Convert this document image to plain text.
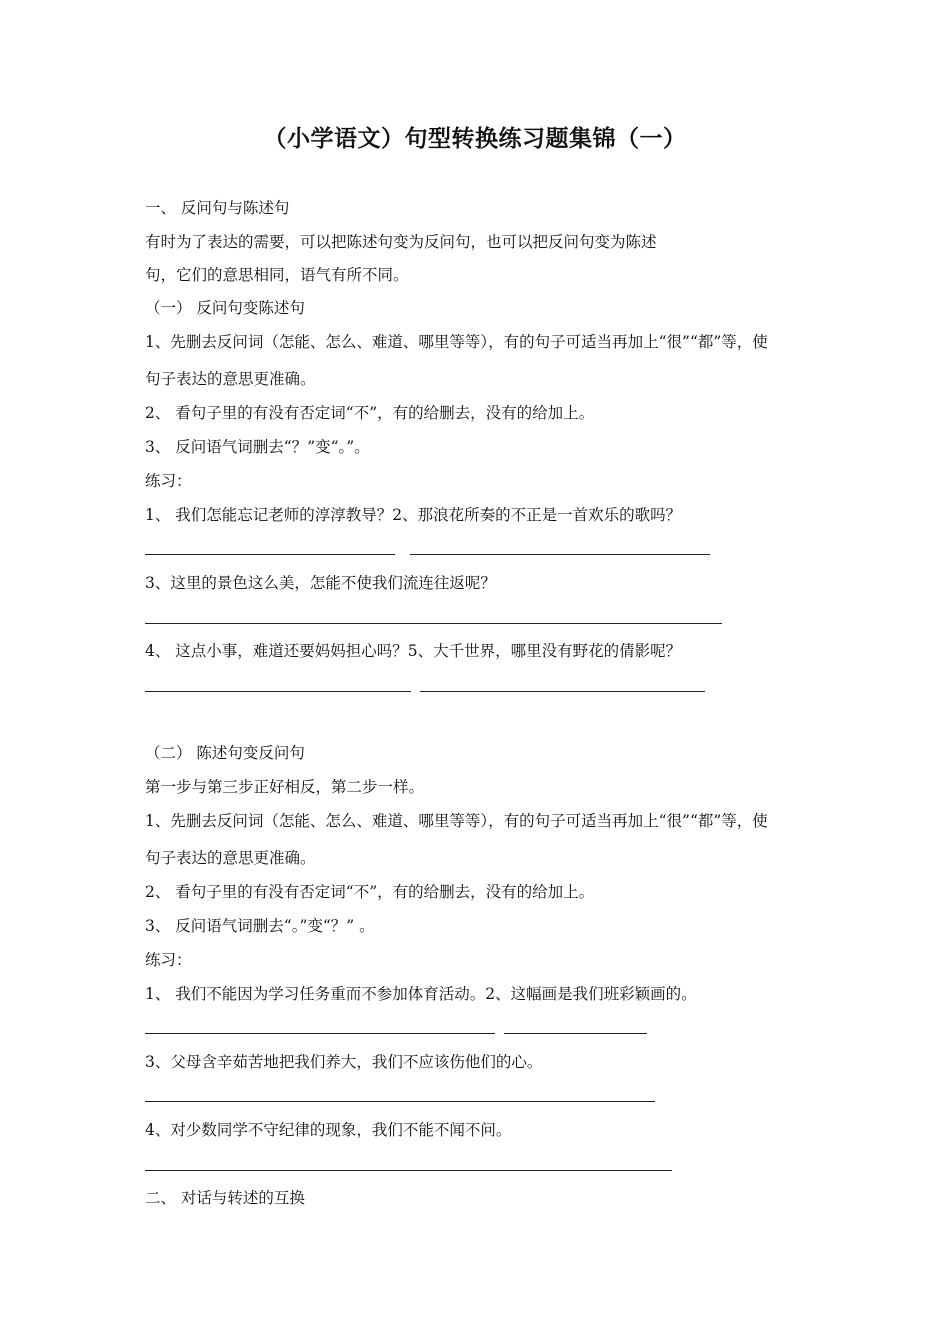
（小学语文）句型转换练习题集锦（一）
一、 反问句与陈述句
有时为了表达的需要，可以把陈述句变为反问句，也可以把反问句变为陈述
句，它们的意思相同，语气有所不同。
（一） 反问句变陈述句
1、先删去反问词（怎能、怎么、难道、哪里等等），有的句子可适当再加上“很”“都”等，使
句子表达的意思更准确。
2、 看句子里的有没有否定词“不”，有的给删去，没有的给加上。
3、 反问语气词删去“？”变“。”。
练习：
1、 我们怎能忘记老师的淳淳教导？2、那浪花所奏的不正是一首欢乐的歌吗？
3、这里的景色这么美，怎能不使我们流连往返呢？
4、 这点小事，难道还要妈妈担心吗？5、大千世界，哪里没有野花的倩影呢？
（二） 陈述句变反问句
第一步与第三步正好相反，第二步一样。
1、先删去反问词（怎能、怎么、难道、哪里等等），有的句子可适当再加上“很”“都”等，使
句子表达的意思更准确。
2、 看句子里的有没有否定词“不”，有的给删去，没有的给加上。
3、 反问语气词删去“。”变“？” 。
练习：
1、 我们不能因为学习任务重而不参加体育活动。2、这幅画是我们班彩颖画的。
3、父母含辛茹苦地把我们养大，我们不应该伤他们的心。
4、对少数同学不守纪律的现象，我们不能不闻不问。
二、 对话与转述的互换
